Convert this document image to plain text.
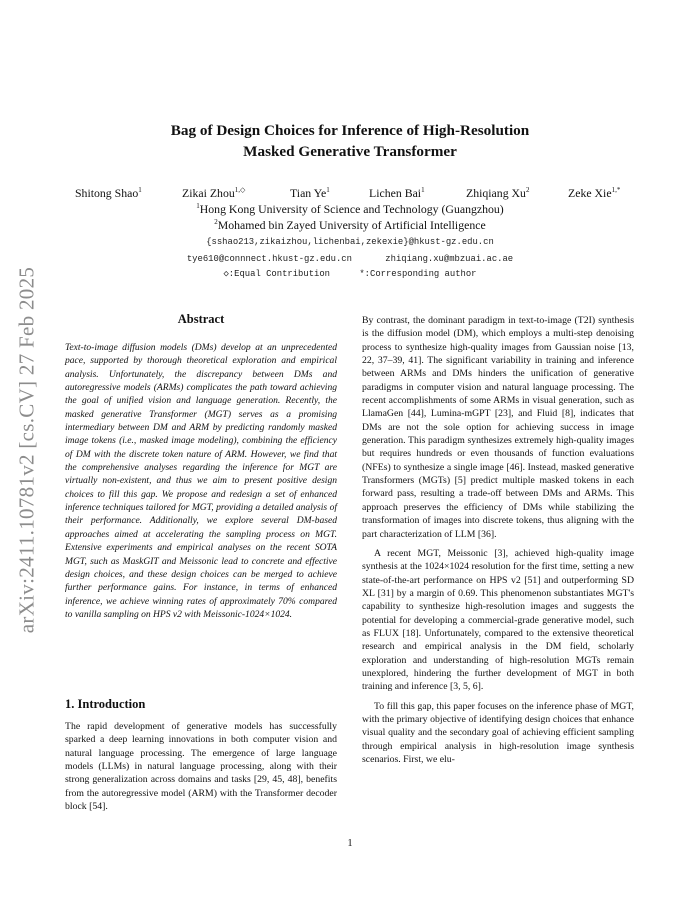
arXiv:2411.10781v2 [cs.CV] 27 Feb 2025
Bag of Design Choices for Inference of High-Resolution
Masked Generative Transformer
Shitong Shao$^1$	Zikai Zhou$^{1,◇}$	Tian Ye$^1$	Lichen Bai$^1$	Zhiqiang Xu$^2$	Zeke Xie$^{1,*}$
$^1$Hong Kong University of Science and Technology (Guangzhou)
$^2$Mohamed bin Zayed University of Artificial Intelligence
{sshao213,zikaizhou,lichenbai,zekexie}@hkust-gz.edu.cn
tye610@connnect.hkust-gz.edu.cn	zhiqiang.xu@mbzuai.ac.ae
◇:Equal Contribution	*:Corresponding author
Abstract

Text-to-image diffusion models (DMs) develop at an unprecedented pace, supported by thorough theoretical exploration and empirical analysis. Unfortunately, the discrepancy between DMs and autoregressive models (ARMs) complicates the path toward achieving the goal of unified vision and language generation. Recently, the masked generative Transformer (MGT) serves as a promising intermediary between DM and ARM by predicting randomly masked image tokens (i.e., masked image modeling), combining the efficiency of DM with the discrete token nature of ARM. However, we find that the comprehensive analyses regarding the inference for MGT are virtually non-existent, and thus we aim to present positive design choices to fill this gap. We propose and redesign a set of enhanced inference techniques tailored for MGT, providing a detailed analysis of their performance. Additionally, we explore several DM-based approaches aimed at accelerating the sampling process on MGT. Extensive experiments and empirical analyses on the recent SOTA MGT, such as MaskGIT and Meissonic lead to concrete and effective design choices, and these design choices can be merged to achieve further performance gains. For instance, in terms of enhanced inference, we achieve winning rates of approximately 70% compared to vanilla sampling on HPS v2 with Meissonic-1024×1024.

1. Introduction

The rapid development of generative models has successfully sparked a deep learning innovations in both computer vision and natural language processing. The emergence of large language models (LLMs) in natural language processing, along with their strong generalization across domains and tasks [29, 45, 48], benefits from the autoregressive model (ARM) with the Transformer decoder block [54].

By contrast, the dominant paradigm in text-to-image (T2I) synthesis is the diffusion model (DM), which employs a multi-step denoising process to synthesize high-quality images from Gaussian noise [13, 22, 37–39, 41]. The significant variability in training and inference between ARMs and DMs hinders the unification of generative paradigms in computer vision and natural language processing. The recent accomplishments of some ARMs in visual generation, such as LlamaGen [44], Lumina-mGPT [23], and Fluid [8], indicates that DMs are not the sole option for achieving success in image generation. This paradigm synthesizes extremely high-quality images but requires hundreds or even thousands of function evaluations (NFEs) to synthesize a single image [46]. Instead, masked generative Transformers (MGTs) [5] predict multiple masked tokens in each forward pass, resulting a trade-off between DMs and ARMs. This approach preserves the efficiency of DMs while stabilizing the transformation of images into discrete tokens, thus aligning with the part characterization of LLM [36].

A recent MGT, Meissonic [3], achieved high-quality image synthesis at the 1024×1024 resolution for the first time, setting a new state-of-the-art performance on HPS v2 [51] and outperforming SD XL [31] by a margin of 0.69. This phenomenon substantiates MGT's capability to synthesize high-resolution images and suggests the potential for developing a commercial-grade generative model, such as FLUX [18]. Unfortunately, compared to the extensive theoretical research and empirical analysis in the DM field, scholarly exploration and understanding of high-resolution MGTs remain unexplored, hindering the further development of MGT in both training and inference [3, 5, 6].

To fill this gap, this paper focuses on the inference phase of MGT, with the primary objective of identifying design choices that enhance visual quality and the secondary goal of achieving efficient sampling through empirical analysis in high-resolution image synthesis scenarios. First, we elu-

1
